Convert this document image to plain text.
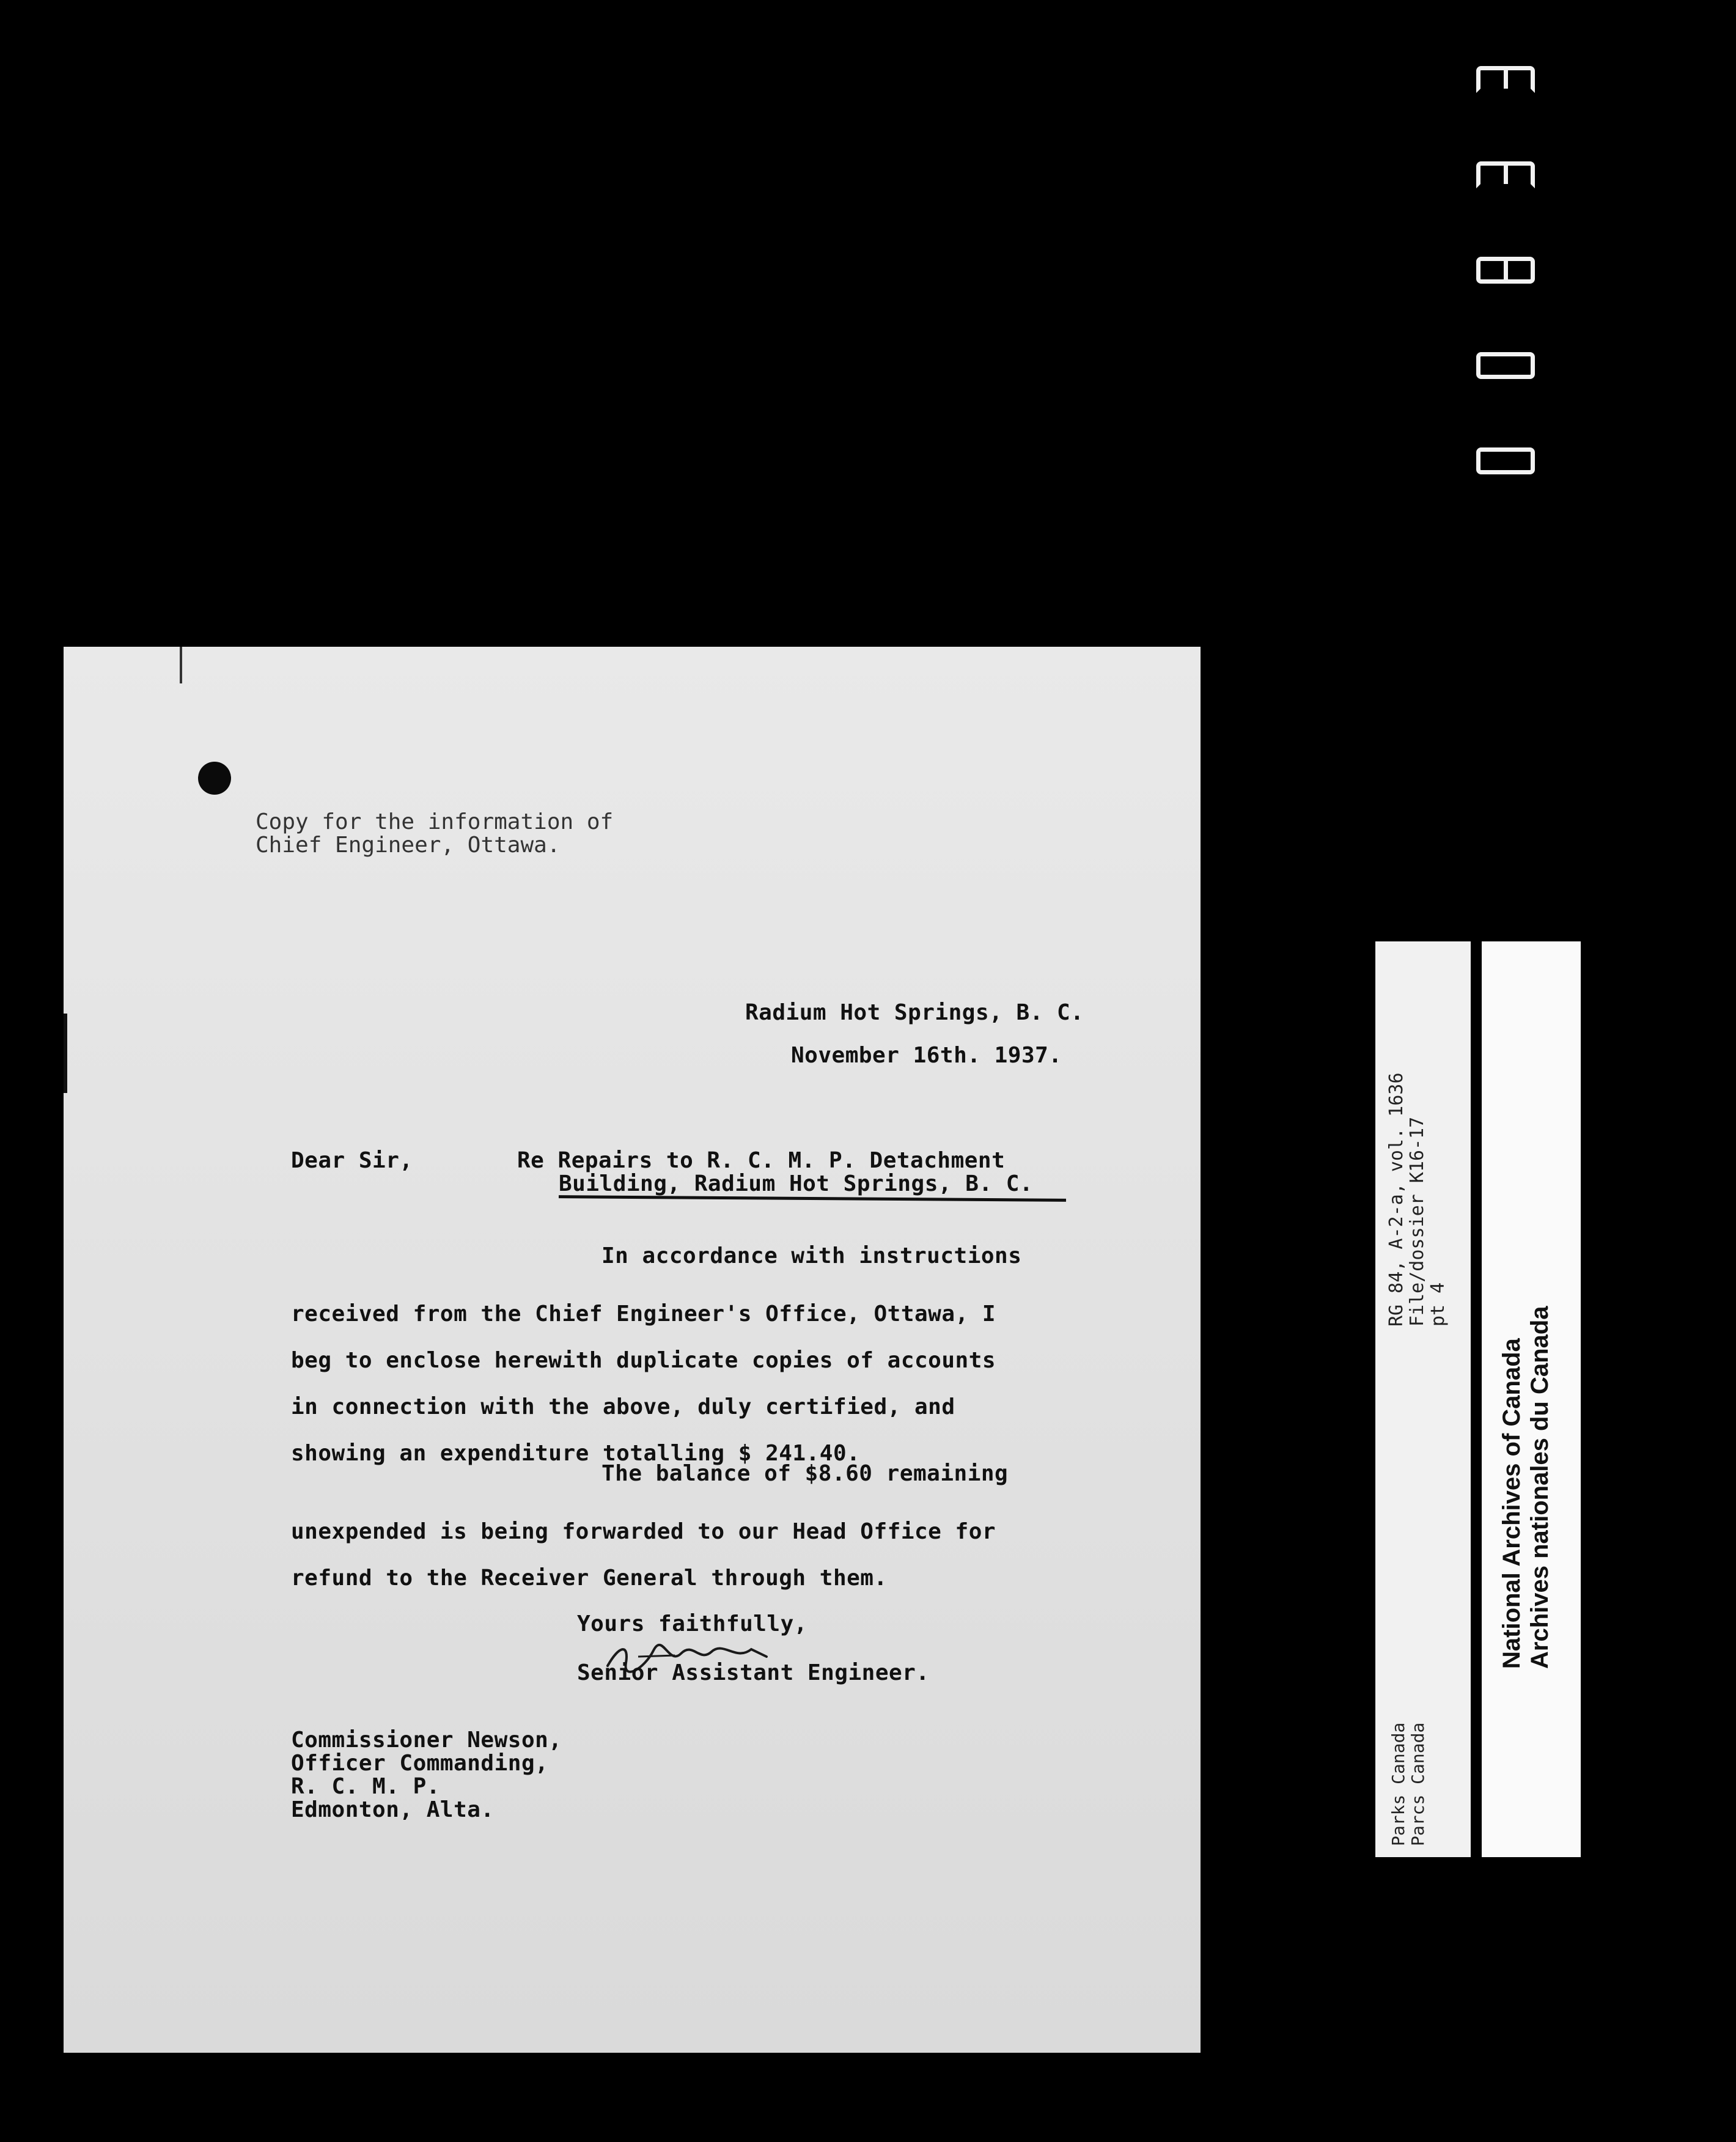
Copy for the information of
Chief Engineer, Ottawa.
Radium Hot Springs, B. C.
November 16th. 1937.
Dear Sir,	Re Repairs to R. C. M. P. Detachment
Building, Radium Hot Springs, B. C.
In accordance with instructions
received from the Chief Engineer's Office, Ottawa, I
beg to enclose herewith duplicate copies of accounts
in connection with the above, duly certified, and
showing an expenditure totalling $ 241.40.
The balance of $8.60 remaining
unexpended is being forwarded to our Head Office for
refund to the Receiver General through them.
Yours faithfully,
Senior Assistant Engineer.
Commissioner Newson,
Officer Commanding,
R. C. M. P.
Edmonton, Alta.
RG 84, A-2-a, vol. 1636
File/dossier K16-17
pt 4
Parks Canada
Parcs Canada
National Archives of Canada
Archives nationales du Canada
